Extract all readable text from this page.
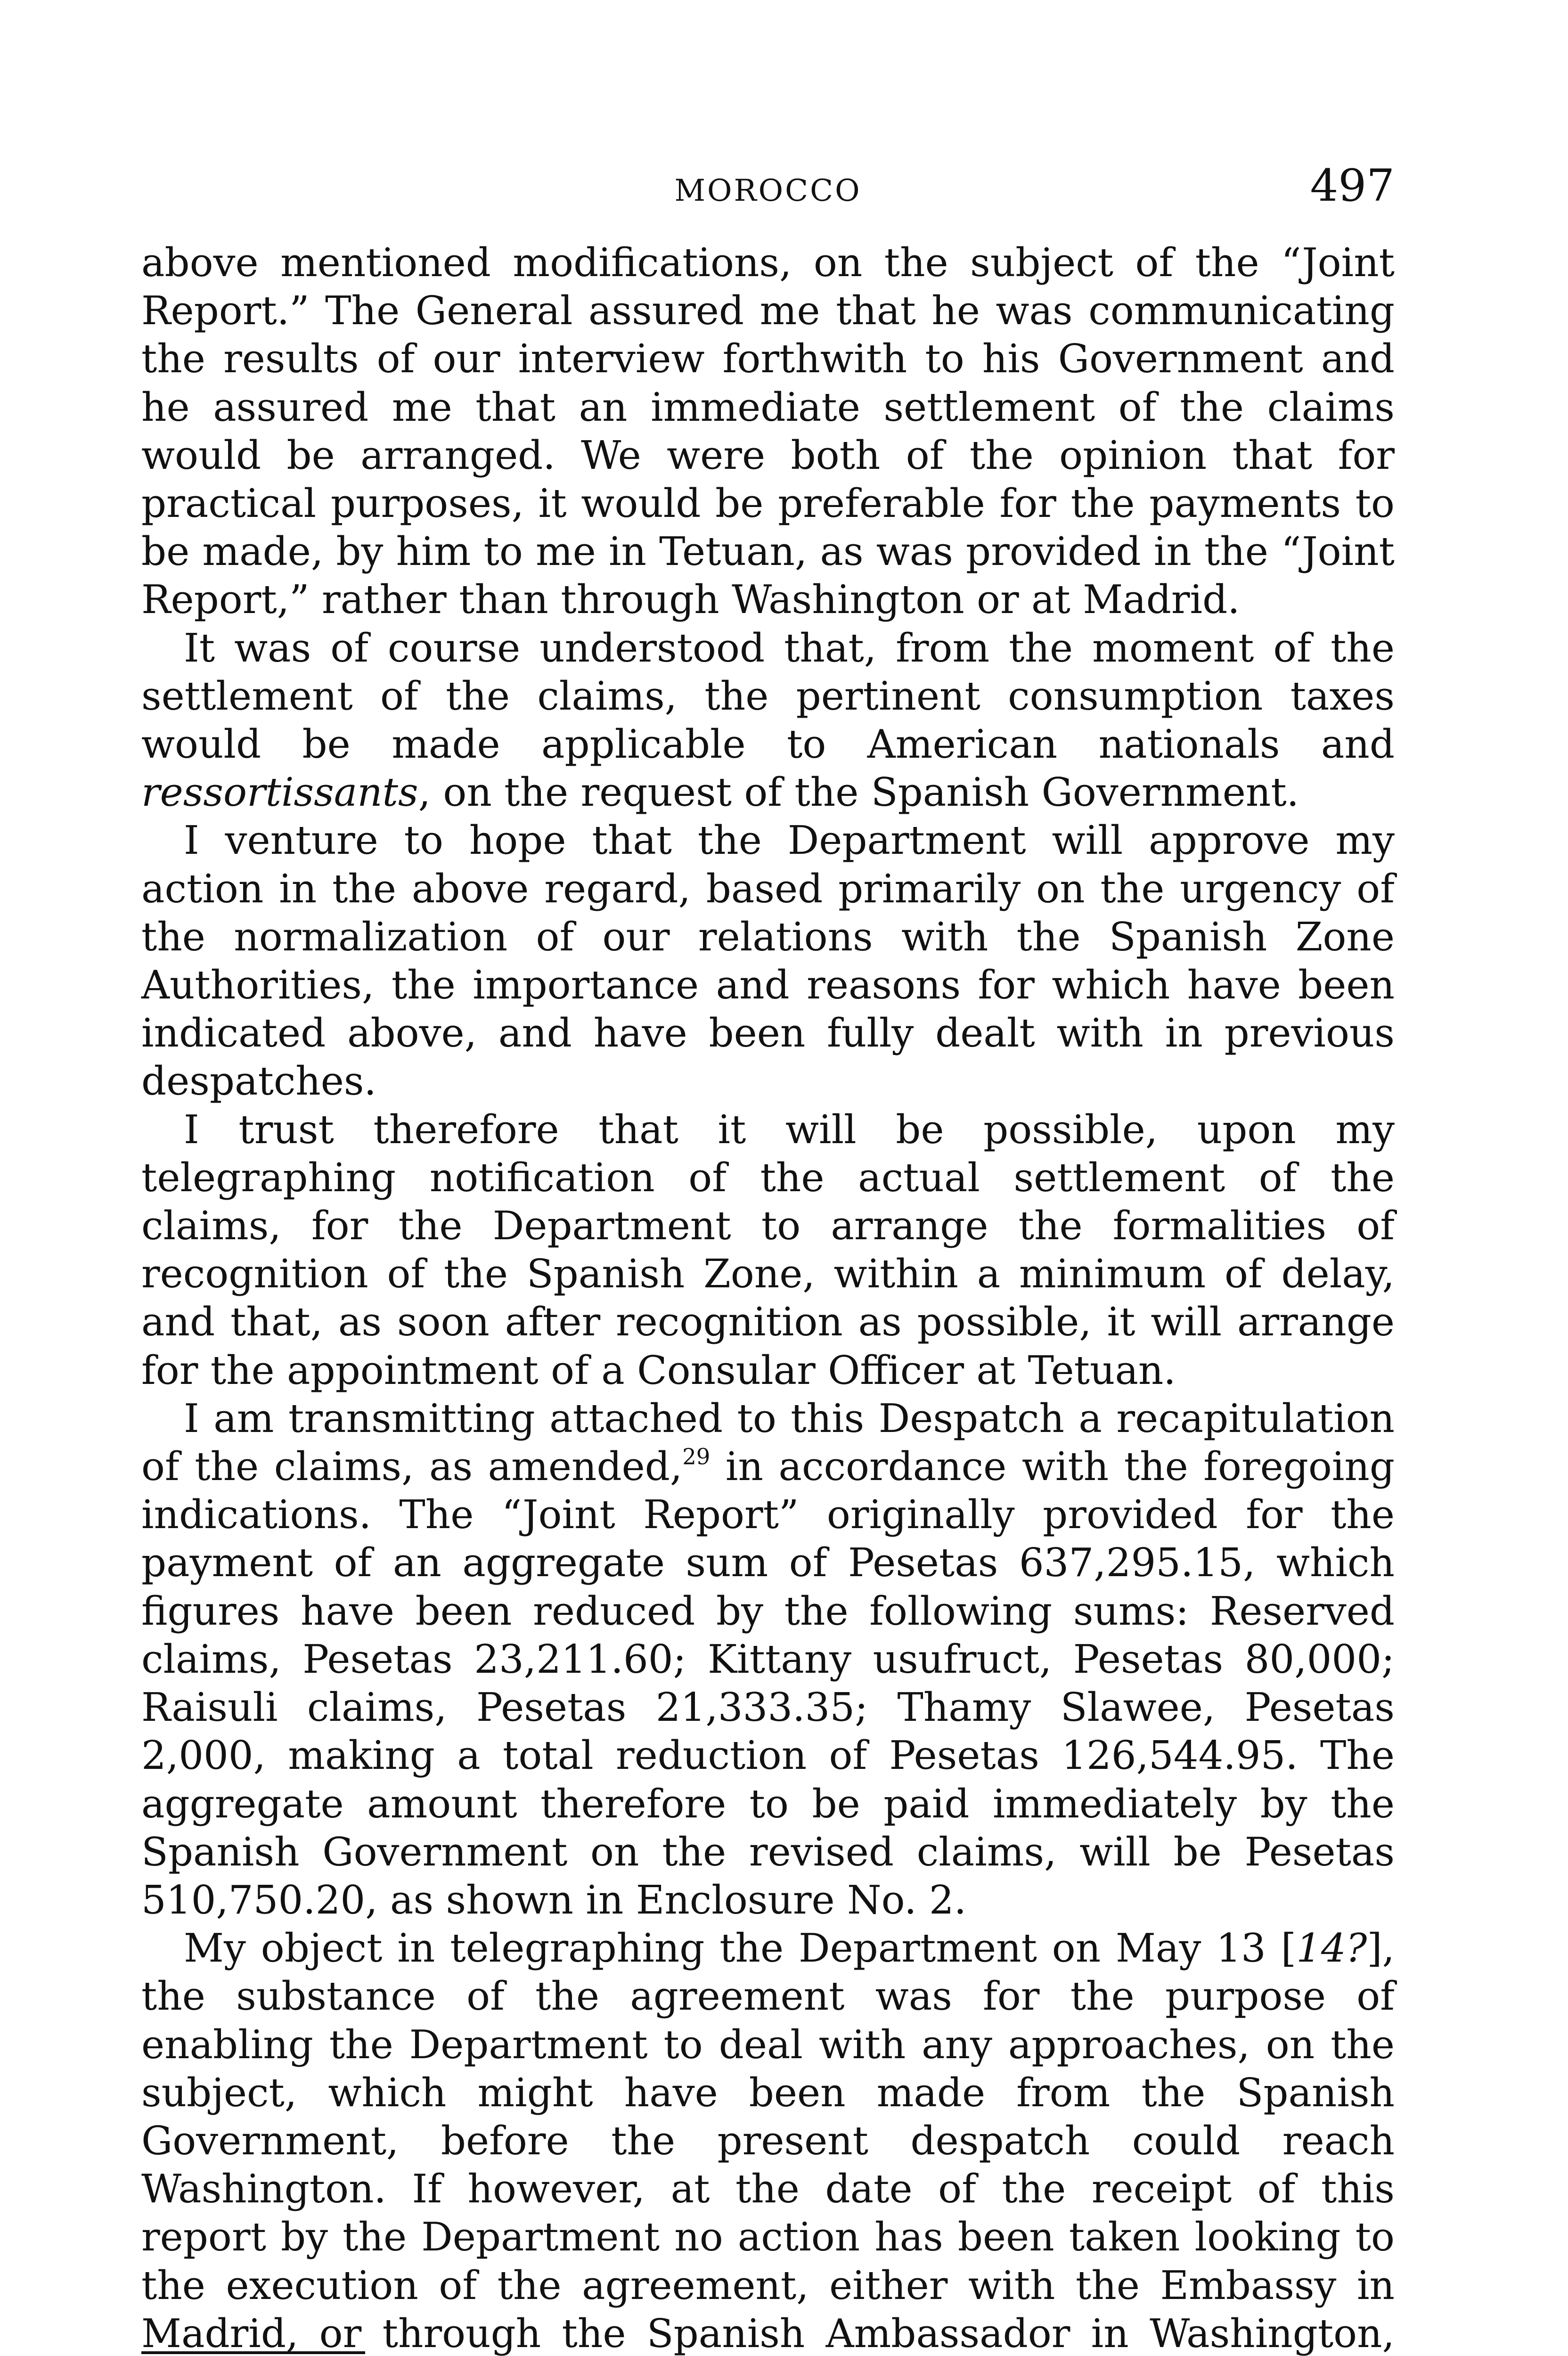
MOROCCO	497

above mentioned modifications, on the subject of the “Joint Report.” The General assured me that he was communicating the results of our interview forthwith to his Government and he assured me that an immediate settlement of the claims would be arranged. We were both of the opinion that for practical purposes, it would be preferable for the payments to be made, by him to me in Tetuan, as was provided in the “Joint Report,” rather than through Washington or at Madrid.

It was of course understood that, from the moment of the settlement of the claims, the pertinent consumption taxes would be made applicable to American nationals and ressortissants, on the request of the Spanish Government.

I venture to hope that the Department will approve my action in the above regard, based primarily on the urgency of the normalization of our relations with the Spanish Zone Authorities, the importance and reasons for which have been indicated above, and have been fully dealt with in previous despatches.

I trust therefore that it will be possible, upon my telegraphing notification of the actual settlement of the claims, for the Department to arrange the formalities of recognition of the Spanish Zone, within a minimum of delay, and that, as soon after recognition as possible, it will arrange for the appointment of a Consular Officer at Tetuan.

I am transmitting attached to this Despatch a recapitulation of the claims, as amended,$^{29}$ in accordance with the foregoing indications. The “Joint Report” originally provided for the payment of an aggregate sum of Pesetas 637,295.15, which figures have been reduced by the following sums: Reserved claims, Pesetas 23,211.60; Kittany usufruct, Pesetas 80,000; Raisuli claims, Pesetas 21,333.35; Thamy Slawee, Pesetas 2,000, making a total reduction of Pesetas 126,544.95. The aggregate amount therefore to be paid immediately by the Spanish Government on the revised claims, will be Pesetas 510,750.20, as shown in Enclosure No. 2.

My object in telegraphing the Department on May 13 [14?], the substance of the agreement was for the purpose of enabling the Department to deal with any approaches, on the subject, which might have been made from the Spanish Government, before the present despatch could reach Washington. If however, at the date of the receipt of this report by the Department no action has been taken looking to the execution of the agreement, either with the Embassy in Madrid, or through the Spanish Ambassador in Washington,
